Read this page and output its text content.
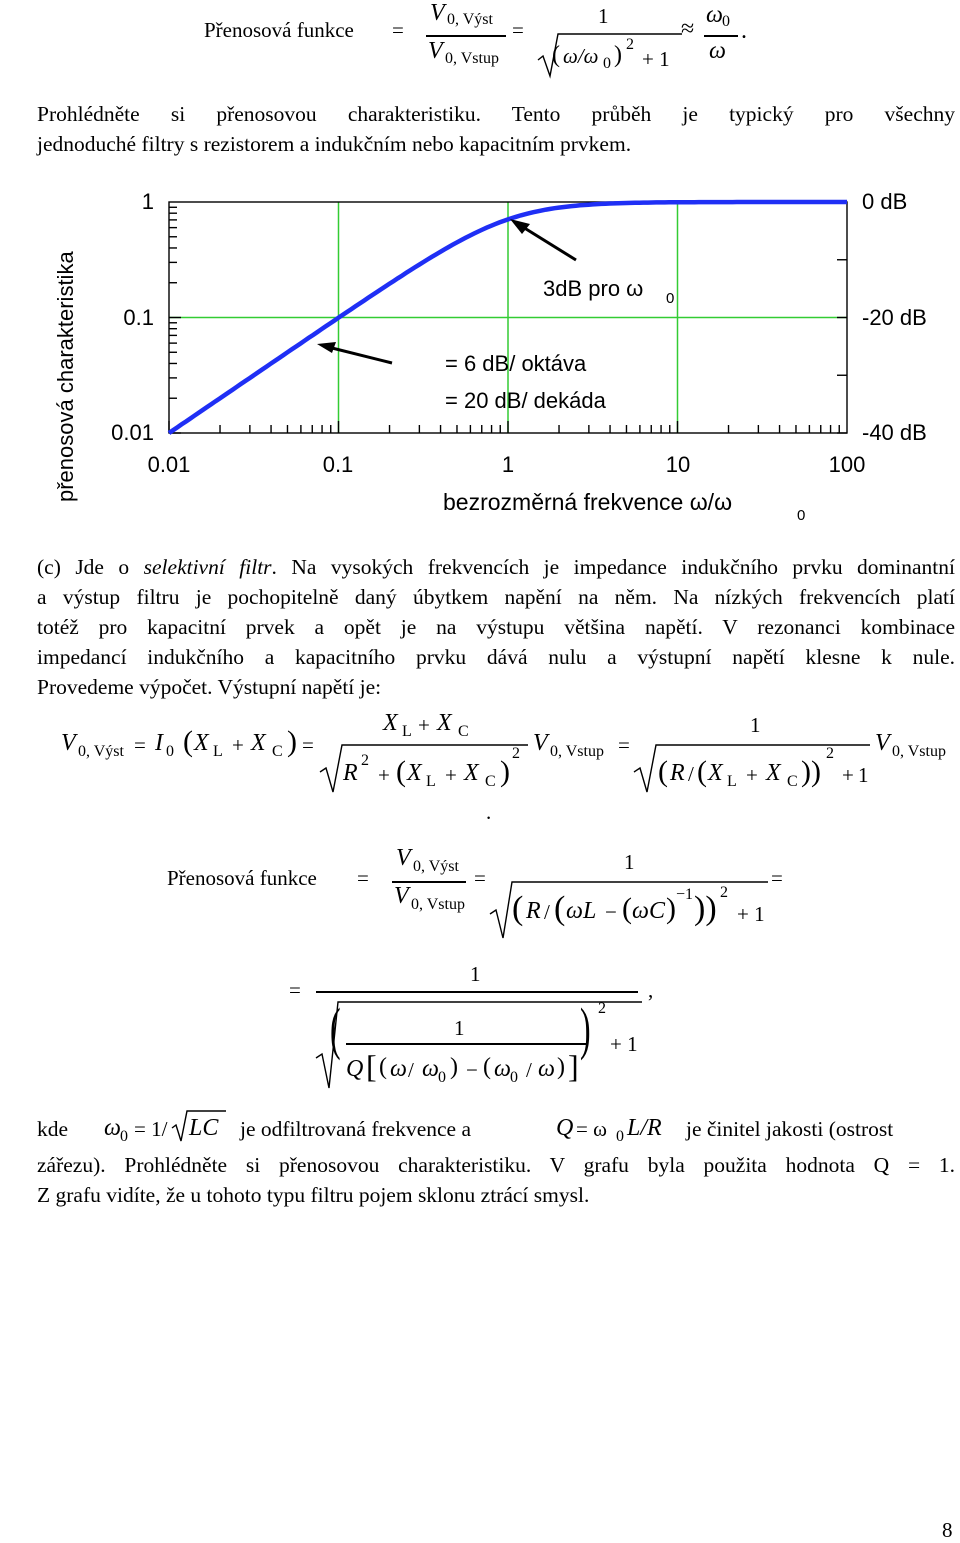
Přenosová funkce =
V 0, Výst
V 0, Vstup
=
1
( ω/ω 0 ) 2
+ 1
≈
ω 0
ω
.
Prohlédněte si přenosovou charakteristiku. Tento průběh je typický pro všechny
jednoduché filtry s rezistorem a indukčním nebo kapacitním prvkem.
1
0.1
0.01
0.01	0.1	1	10	100
0 dB
-20 dB
-40 dB
přenosová charakteristika	bezrozměrná frekvence ω/ω
0
3dB pro ω 0
= 6 dB/ oktáva
= 20 dB/ dekáda
(c) Jde o selektivní filtr. Na vysokých frekvencích je impedance indukčního prvku dominantní
a výstup filtru je pochopitelně daný úbytkem napění na něm. Na nízkých frekvencích platí
totéž pro kapacitní prvek a opět je na výstupu většina napětí. V rezonanci kombinace
impedancí indukčního a kapacitního prvku dává nulu a výstupní napětí klesne k nule.
Provedeme výpočet. Výstupní napětí je:
V 0, Výst = I 0 ( X L + X C ) =
X L + X C
R 2
+ ( X L + X C )
2 V 0, Vstup =
1
( R / ( X L + X C ))
2
+ 1
V 0, Vstup
.
Přenosová funkce =
V 0, Výst
V 0, Vstup
=
1
( R / ( ωL − ( ωC ) −1 )) 2
+ 1
=
=
1
(	1
Q [ ( ω / ω 0 ) − ( ω 0 / ω ) ]
) 2
+ 1
,
kde ω 0 = 1/ LC je odfiltrovaná frekvence a	Q = ω 0 L/R je činitel jakosti (ostrost
zářezu). Prohlédněte si přenosovou charakteristiku. V grafu byla použita hodnota Q = 1.
Z grafu vidíte, že u tohoto typu filtru pojem sklonu ztrácí smysl.
8
